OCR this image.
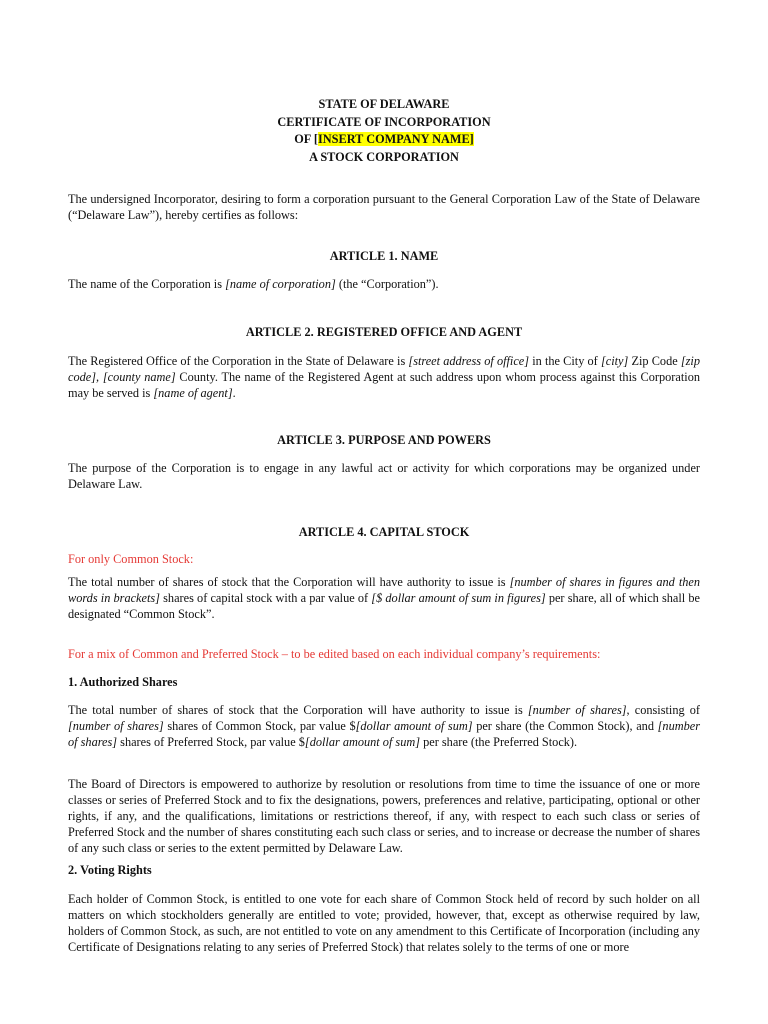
STATE OF DELAWARE
CERTIFICATE OF INCORPORATION
OF [INSERT COMPANY NAME]
A STOCK CORPORATION

The undersigned Incorporator, desiring to form a corporation pursuant to the General Corporation Law of the State of Delaware (“Delaware Law”), hereby certifies as follows:

ARTICLE 1. NAME

The name of the Corporation is [name of corporation] (the “Corporation”).

ARTICLE 2. REGISTERED OFFICE AND AGENT

The Registered Office of the Corporation in the State of Delaware is [street address of office] in the City of [city] Zip Code [zip code], [county name] County. The name of the Registered Agent at such address upon whom process against this Corporation may be served is [name of agent].

ARTICLE 3. PURPOSE AND POWERS

The purpose of the Corporation is to engage in any lawful act or activity for which corporations may be organized under Delaware Law.

ARTICLE 4. CAPITAL STOCK
For only Common Stock:

The total number of shares of stock that the Corporation will have authority to issue is [number of shares in figures and then words in brackets] shares of capital stock with a par value of [$ dollar amount of sum in figures] per share, all of which shall be designated “Common Stock”.

For a mix of Common and Preferred Stock – to be edited based on each individual company’s requirements:
1. Authorized Shares

The total number of shares of stock that the Corporation will have authority to issue is [number of shares], consisting of [number of shares] shares of Common Stock, par value $[dollar amount of sum] per share (the Common Stock), and [number of shares] shares of Preferred Stock, par value $[dollar amount of sum] per share (the Preferred Stock).

The Board of Directors is empowered to authorize by resolution or resolutions from time to time the issuance of one or more classes or series of Preferred Stock and to fix the designations, powers, preferences and relative, participating, optional or other rights, if any, and the qualifications, limitations or restrictions thereof, if any, with respect to each such class or series of Preferred Stock and the number of shares constituting each such class or series, and to increase or decrease the number of shares of any such class or series to the extent permitted by Delaware Law.

2. Voting Rights

Each holder of Common Stock, is entitled to one vote for each share of Common Stock held of record by such holder on all matters on which stockholders generally are entitled to vote; provided, however, that, except as otherwise required by law, holders of Common Stock, as such, are not entitled to vote on any amendment to this Certificate of Incorporation (including any Certificate of Designations relating to any series of Preferred Stock) that relates solely to the terms of one or more
